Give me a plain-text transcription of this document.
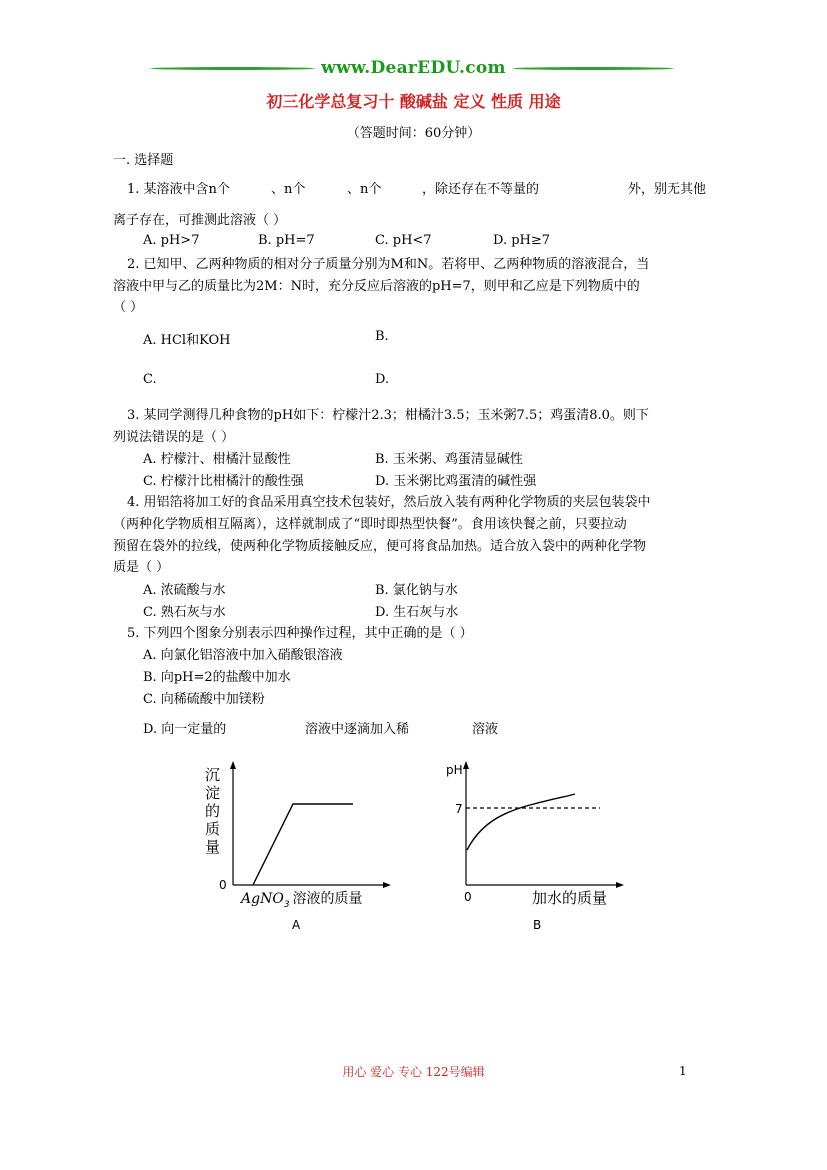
www.DearEDU.com
初三化学总复习十 酸碱盐 定义 性质 用途
（答题时间：60分钟）
一. 选择题
1. 某溶液中含n个	、n个	、n个	，除还存在不等量的	外，别无其他
离子存在，可推测此溶液（ ）
A. pH>7	B. pH=7	C. pH<7	D. pH≥7
2. 已知甲、乙两种物质的相对分子质量分别为M和N。若将甲、乙两种物质的溶液混合，当
溶液中甲与乙的质量比为2M：N时，充分反应后溶液的pH=7，则甲和乙应是下列物质中的
（ ）
A. HCl和KOH	B.
C.	D.
3. 某同学测得几种食物的pH如下：柠檬汁2.3；柑橘汁3.5；玉米粥7.5；鸡蛋清8.0。则下
列说法错误的是（ ）
A. 柠檬汁、柑橘汁显酸性	B. 玉米粥、鸡蛋清显碱性
C. 柠檬汁比柑橘汁的酸性强	D. 玉米粥比鸡蛋清的碱性强
4. 用铝箔将加工好的食品采用真空技术包装好，然后放入装有两种化学物质的夹层包装袋中
（两种化学物质相互隔离），这样就制成了“即时即热型快餐”。食用该快餐之前，只要拉动
预留在袋外的拉线，使两种化学物质接触反应，便可将食品加热。适合放入袋中的两种化学物
质是（ ）
A. 浓硫酸与水	B. 氯化钠与水
C. 熟石灰与水	D. 生石灰与水
5. 下列四个图象分别表示四种操作过程，其中正确的是（ ）
A. 向氯化铝溶液中加入硝酸银溶液
B. 向pH=2的盐酸中加水
C. 向稀硫酸中加镁粉
D. 向一定量的	溶液中逐滴加入稀	溶液
沉
淀
的
质
量
0
AgNO$_3$ 溶液的质量
A
pH
7
0	加水的质量
B
用心 爱心 专心 122号编辑	1
